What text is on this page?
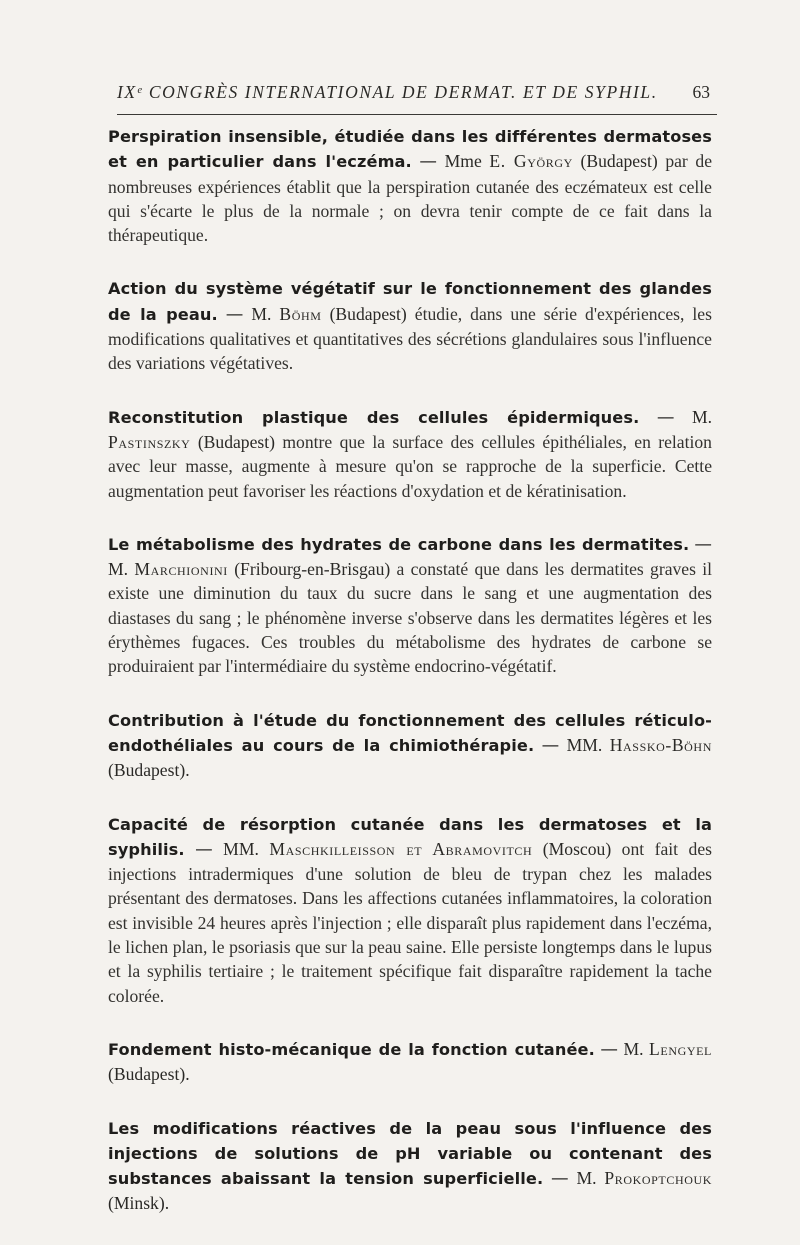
IXᵉ CONGRÈS INTERNATIONAL DE DERMAT. ET DE SYPHIL. 63

Perspiration insensible, étudiée dans les différentes dermatoses et en particulier dans l'eczéma. — Mme E. György (Budapest) par de nombreuses expériences établit que la perspiration cutanée des eczémateux est celle qui s'écarte le plus de la normale ; on devra tenir compte de ce fait dans la thérapeutique.

Action du système végétatif sur le fonctionnement des glandes de la peau. — M. Böhm (Budapest) étudie, dans une série d'expériences, les modifications qualitatives et quantitatives des sécrétions glandulaires sous l'influence des variations végétatives.

Reconstitution plastique des cellules épidermiques. — M. Pastinszky (Budapest) montre que la surface des cellules épithéliales, en relation avec leur masse, augmente à mesure qu'on se rapproche de la superficie. Cette augmentation peut favoriser les réactions d'oxydation et de kératinisation.

Le métabolisme des hydrates de carbone dans les dermatites. — M. Marchionini (Fribourg-en-Brisgau) a constaté que dans les dermatites graves il existe une diminution du taux du sucre dans le sang et une augmentation des diastases du sang ; le phénomène inverse s'observe dans les dermatites légères et les érythèmes fugaces. Ces troubles du métabolisme des hydrates de carbone se produiraient par l'intermédiaire du système endocrino-végétatif.

Contribution à l'étude du fonctionnement des cellules réticulo-endothéliales au cours de la chimiothérapie. — MM. Hassko-Böhn (Budapest).

Capacité de résorption cutanée dans les dermatoses et la syphilis. — MM. Maschkilleisson et Abramovitch (Moscou) ont fait des injections intradermiques d'une solution de bleu de trypan chez les malades présentant des dermatoses. Dans les affections cutanées inflammatoires, la coloration est invisible 24 heures après l'injection ; elle disparaît plus rapidement dans l'eczéma, le lichen plan, le psoriasis que sur la peau saine. Elle persiste longtemps dans le lupus et la syphilis tertiaire ; le traitement spécifique fait disparaître rapidement la tache colorée.

Fondement histo-mécanique de la fonction cutanée. — M. Lengyel (Budapest).

Les modifications réactives de la peau sous l'influence des injections de solutions de pH variable ou contenant des substances abaissant la tension superficielle. — M. Prokoptchouk (Minsk).
